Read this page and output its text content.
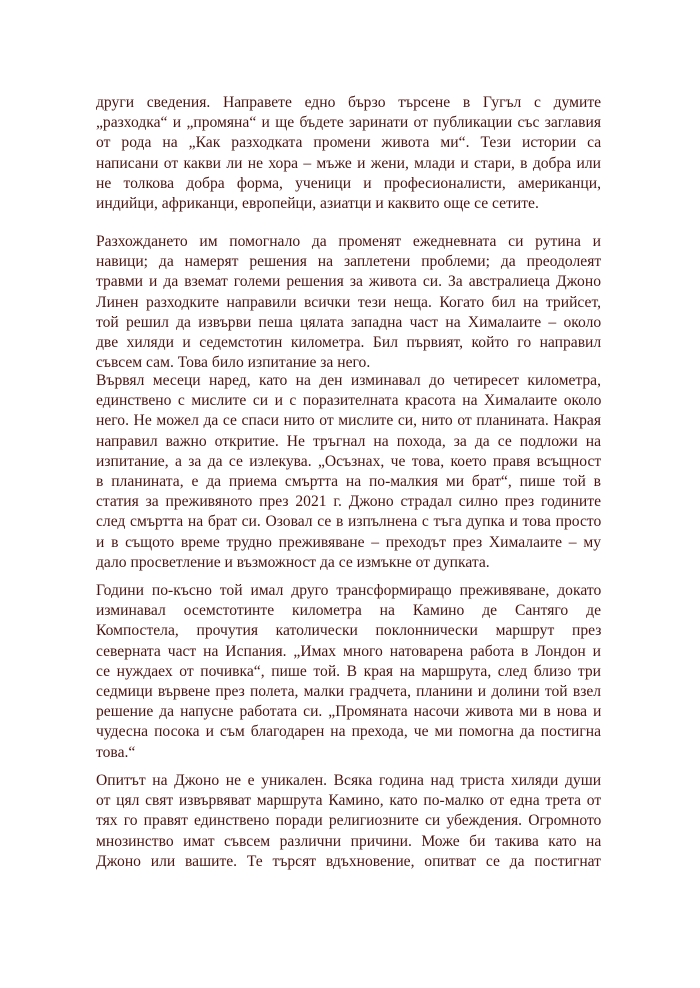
други сведения. Направете едно бързо търсене в Гугъл с думите
„разходка“ и „промяна“ и ще бъдете заринати от публикации със заглавия
от рода на „Как разходката промени живота ми“. Тези истории са
написани от какви ли не хора – мъже и жени, млади и стари, в добра или
не толкова добра форма, ученици и професионалисти, американци,
индийци, африканци, европейци, азиатци и каквито още се сетите.
Разхождането им помогнало да променят ежедневната си рутина и
навици; да намерят решения на заплетени проблеми; да преодолеят
травми и да вземат големи решения за живота си. За австралиеца Джоно
Линен разходките направили всички тези неща. Когато бил на трийсет,
той решил да извърви пеша цялата западна част на Хималаите – около
две хиляди и седемстотин километра. Бил първият, който го направил
съвсем сам. Това било изпитание за него.
Вървял месеци наред, като на ден изминавал до четиресет километра,
единствено с мислите си и с поразителната красота на Хималаите около
него. Не можел да се спаси нито от мислите си, нито от планината. Накрая
направил важно откритие. Не тръгнал на похода, за да се подложи на
изпитание, а за да се излекува. „Осъзнах, че това, което правя всъщност
в планината, е да приема смъртта на по-малкия ми брат“, пише той в
статия за преживяното през 2021 г. Джоно страдал силно през годините
след смъртта на брат си. Озовал се в изпълнена с тъга дупка и това просто
и в същото време трудно преживяване – преходът през Хималаите – му
дало просветление и възможност да се измъкне от дупката.
Години по-късно той имал друго трансформиращо преживяване, докато
изминавал осемстотинте километра на Камино де Сантяго де
Компостела, прочутия католически поклоннически маршрут през
северната част на Испания. „Имах много натоварена работа в Лондон и
се нуждаех от почивка“, пише той. В края на маршрута, след близо три
седмици вървене през полета, малки градчета, планини и долини той взел
решение да напусне работата си. „Промяната насочи живота ми в нова и
чудесна посока и съм благодарен на прехода, че ми помогна да постигна
това.“
Опитът на Джоно не е уникален. Всяка година над триста хиляди души
от цял свят извървяват маршрута Камино, като по-малко от една трета от
тях го правят единствено поради религиозните си убеждения. Огромното
мнозинство имат съвсем различни причини. Може би такива като на
Джоно или вашите. Те търсят вдъхновение, опитват се да постигнат
